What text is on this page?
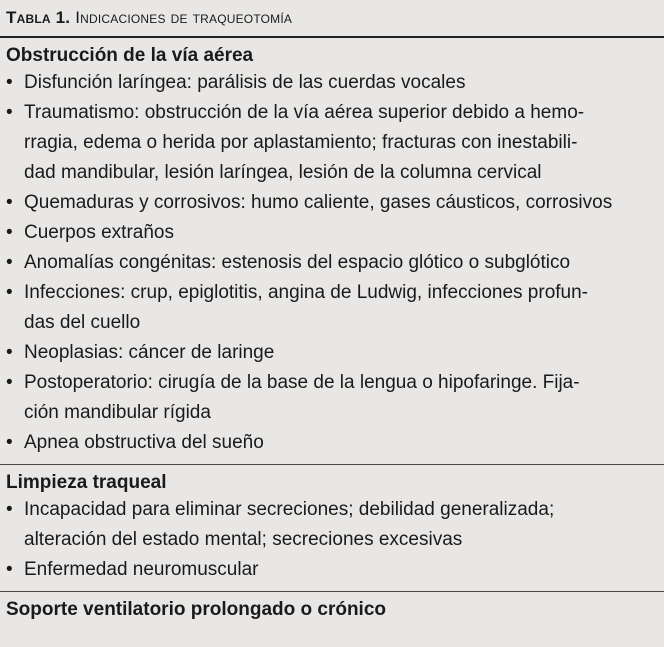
Tabla 1. Indicaciones de traqueotomía
Obstrucción de la vía aérea
• Disfunción laríngea: parálisis de las cuerdas vocales
• Traumatismo: obstrucción de la vía aérea superior debido a hemo-
rragia, edema o herida por aplastamiento; fracturas con inestabili-
dad mandibular, lesión laríngea, lesión de la columna cervical
• Quemaduras y corrosivos: humo caliente, gases cáusticos, corrosivos
• Cuerpos extraños
• Anomalías congénitas: estenosis del espacio glótico o subglótico
• Infecciones: crup, epiglotitis, angina de Ludwig, infecciones profun-
das del cuello
• Neoplasias: cáncer de laringe
• Postoperatorio: cirugía de la base de la lengua o hipofaringe. Fija-
ción mandibular rígida
• Apnea obstructiva del sueño
Limpieza traqueal
• Incapacidad para eliminar secreciones; debilidad generalizada;
alteración del estado mental; secreciones excesivas
• Enfermedad neuromuscular
Soporte ventilatorio prolongado o crónico
